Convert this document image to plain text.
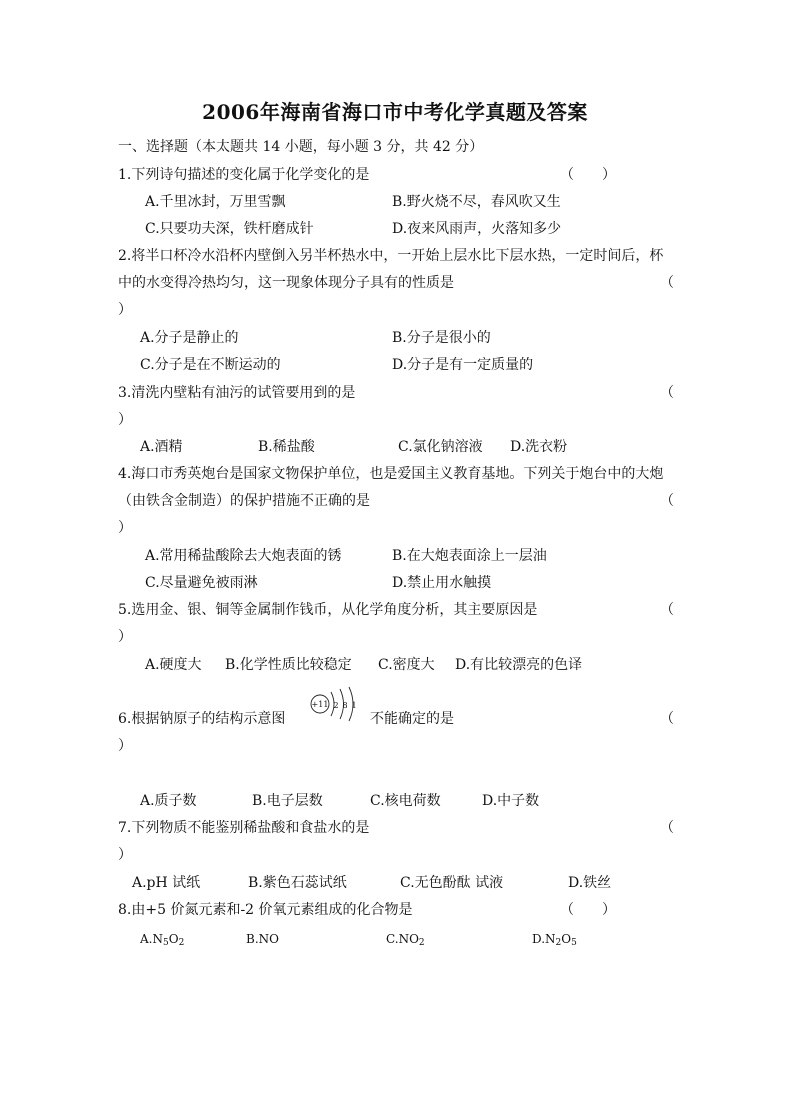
2006年海南省海口市中考化学真题及答案
一、选择题（本太题共 14 小题，每小题 3 分，共 42 分）
1.下列诗句描述的变化属于化学变化的是	（　　）
A.千里冰封，万里雪飘	B.野火烧不尽，春风吹又生
C.只要功夫深，铁杆磨成针	D.夜来风雨声，火落知多少
2.将半口杯冷水沿杯内壁倒入另半杯热水中，一开始上层水比下层水热，一定时间后，杯
中的水变得冷热均匀，这一现象体现分子具有的性质是	（
）
A.分子是静止的	B.分子是很小的
C.分子是在不断运动的	D.分子是有一定质量的
3.清洗内壁粘有油污的试管要用到的是	（
）
A.酒精	B.稀盐酸	C.氯化钠溶液 D.洗衣粉
4.海口市秀英炮台是国家文物保护单位，也是爱国主义教育基地。下列关于炮台中的大炮
（由铁含金制造）的保护措施不正确的是	（
）
A.常用稀盐酸除去大炮表面的锈	B.在大炮表面涂上一层油
C.尽量避免被雨淋	D.禁止用水触摸
5.选用金、银、铜等金属制作钱币，从化学角度分析，其主要原因是	（
）
A.硬度大 B.化学性质比较稳定 C.密度大 D.有比较漂亮的色译
6.根据钠原子的结构示意图
+11 2 8 1
不能确定的是	（
）
A.质子数	B.电子层数	C.核电荷数	D.中子数
7.下列物质不能鉴别稀盐酸和食盐水的是	（
）
A.pH 试纸	B.紫色石蕊试纸	C.无色酚酞 试液	D.铁丝
8.由+5 价氮元素和-2 价氧元素组成的化合物是	（　　）
$A.N_5O_2$	B.NO	$C.NO_2$	$D.N_2O_5$
